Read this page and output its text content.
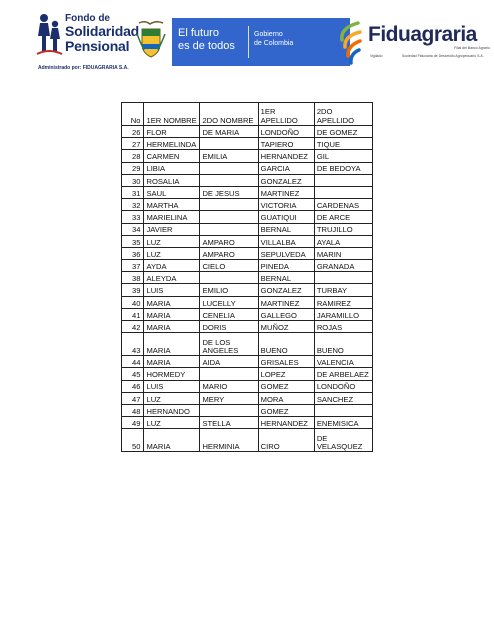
Fondo de
Solidaridad
Pensional
Administrado por: FIDUAGRARIA S.A.
El futuro
es de todos
Gobierno
de Colombia	Fiduagraria
Filial del Banco Agrario
Vigilado	Sociedad Fiduciaria de Desarrollo Agropecuario S.A.
No	1ER NOMBRE	2DO NOMBRE	1ER APELLIDO	2DO APELLIDO
26	FLOR	DE MARIA	LONDOÑO	DE GOMEZ
27	HERMELINDA		TAPIERO	TIQUE
28	CARMEN	EMILIA	HERNANDEZ	GIL
29	LIBIA		GARCIA	DE BEDOYA
30	ROSALIA		GONZALEZ	
31	SAUL	DE JESUS	MARTINEZ	
32	MARTHA		VICTORIA	CARDENAS
33	MARIELINA		GUATIQUI	DE ARCE
34	JAVIER		BERNAL	TRUJILLO
35	LUZ	AMPARO	VILLALBA	AYALA
36	LUZ	AMPARO	SEPULVEDA	MARIN
37	AYDA	CIELO	PINEDA	GRANADA
38	ALEYDA		BERNAL	
39	LUIS	EMILIO	GONZALEZ	TURBAY
40	MARIA	LUCELLY	MARTINEZ	RAMIREZ
41	MARIA	CENELIA	GALLEGO	JARAMILLO
42	MARIA	DORIS	MUÑOZ	ROJAS
43	MARIA	DE LOS ANGELES	BUENO	BUENO
44	MARIA	AIDA	GRISALES	VALENCIA
45	HORMEDY		LOPEZ	DE ARBELAEZ
46	LUIS	MARIO	GOMEZ	LONDOÑO
47	LUZ	MERY	MORA	SANCHEZ
48	HERNANDO		GOMEZ	
49	LUZ	STELLA	HERNANDEZ	ENEMISICA
50	MARIA	HERMINIA	CIRO	DE VELASQUEZ
